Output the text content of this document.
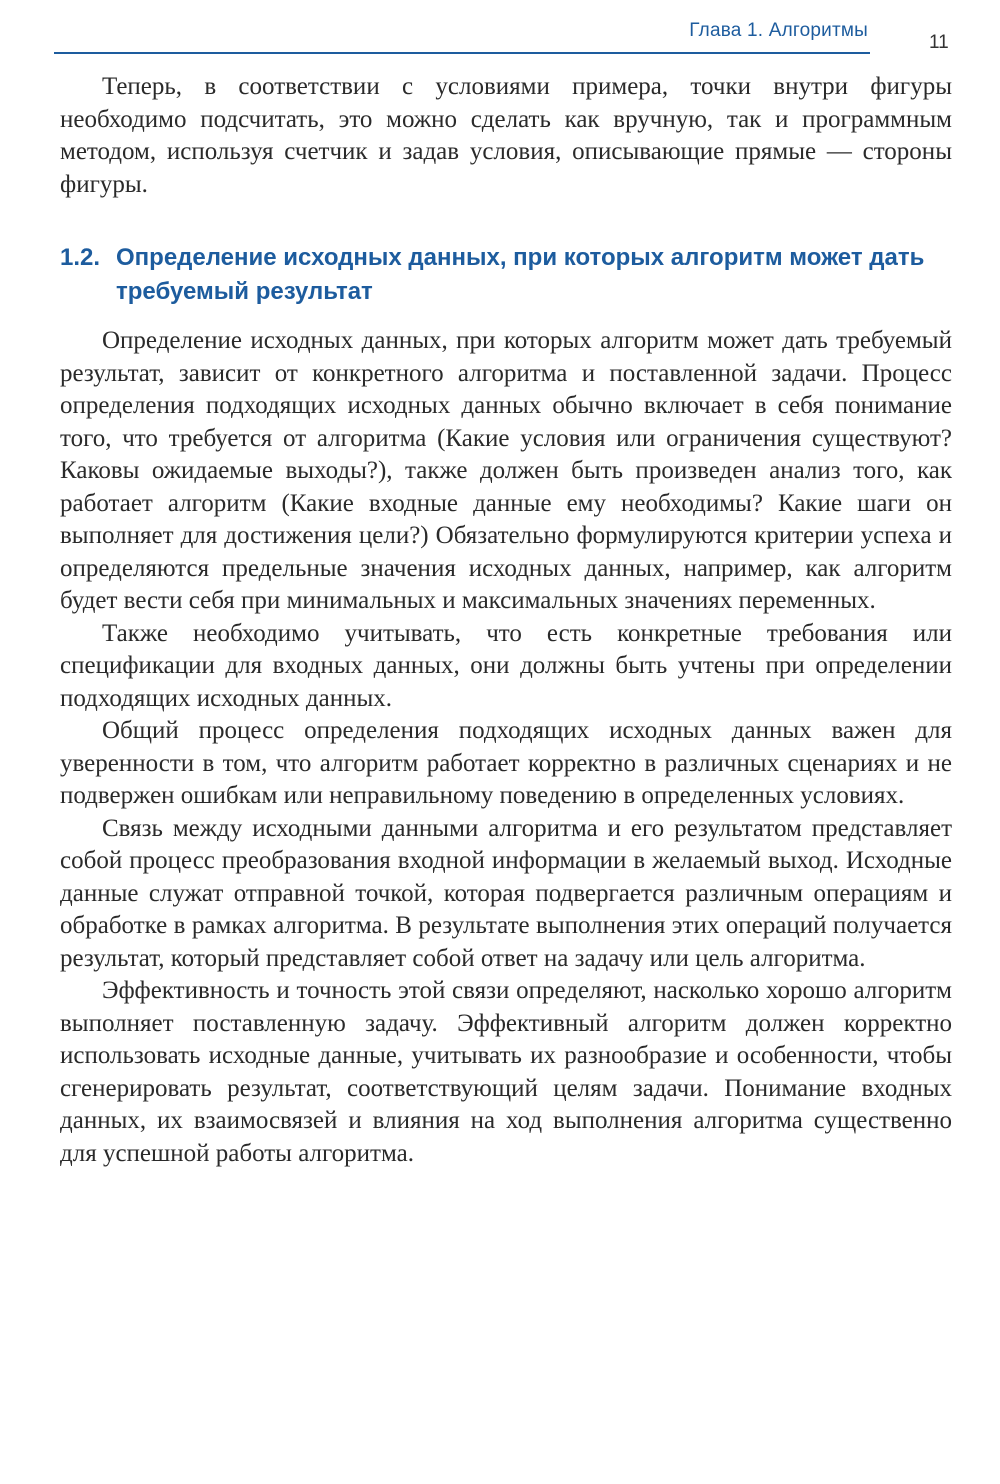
Глава 1. Алгоритмы
11

Теперь, в соответствии с условиями примера, точки внутри фигуры необходимо подсчитать, это можно сделать как вручную, так и программным методом, используя счетчик и задав условия, описывающие прямые — стороны фигуры.

1.2. Определение исходных данных, при которых алгоритм может дать требуемый результат

Определение исходных данных, при которых алгоритм может дать требуемый результат, зависит от конкретного алгоритма и поставленной задачи. Процесс определения подходящих исходных данных обычно включает в себя понимание того, что требуется от алгоритма (Какие условия или ограничения существуют? Каковы ожидаемые выходы?), также должен быть произведен анализ того, как работает алгоритм (Какие входные данные ему необходимы? Какие шаги он выполняет для достижения цели?) Обязательно формулируются критерии успеха и определяются предельные значения исходных данных, например, как алгоритм будет вести себя при минимальных и максимальных значениях переменных.

Также необходимо учитывать, что есть конкретные требования или спецификации для входных данных, они должны быть учтены при определении подходящих исходных данных.

Общий процесс определения подходящих исходных данных важен для уверенности в том, что алгоритм работает корректно в различных сценариях и не подвержен ошибкам или неправильному поведению в определенных условиях.

Связь между исходными данными алгоритма и его результатом представляет собой процесс преобразования входной информации в желаемый выход. Исходные данные служат отправной точкой, которая подвергается различным операциям и обработке в рамках алгоритма. В результате выполнения этих операций получается результат, который представляет собой ответ на задачу или цель алгоритма.

Эффективность и точность этой связи определяют, насколько хорошо алгоритм выполняет поставленную задачу. Эффективный алгоритм должен корректно использовать исходные данные, учитывать их разнообразие и особенности, чтобы сгенерировать результат, соответствующий целям задачи. Понимание входных данных, их взаимосвязей и влияния на ход выполнения алгоритма существенно для успешной работы алгоритма.
